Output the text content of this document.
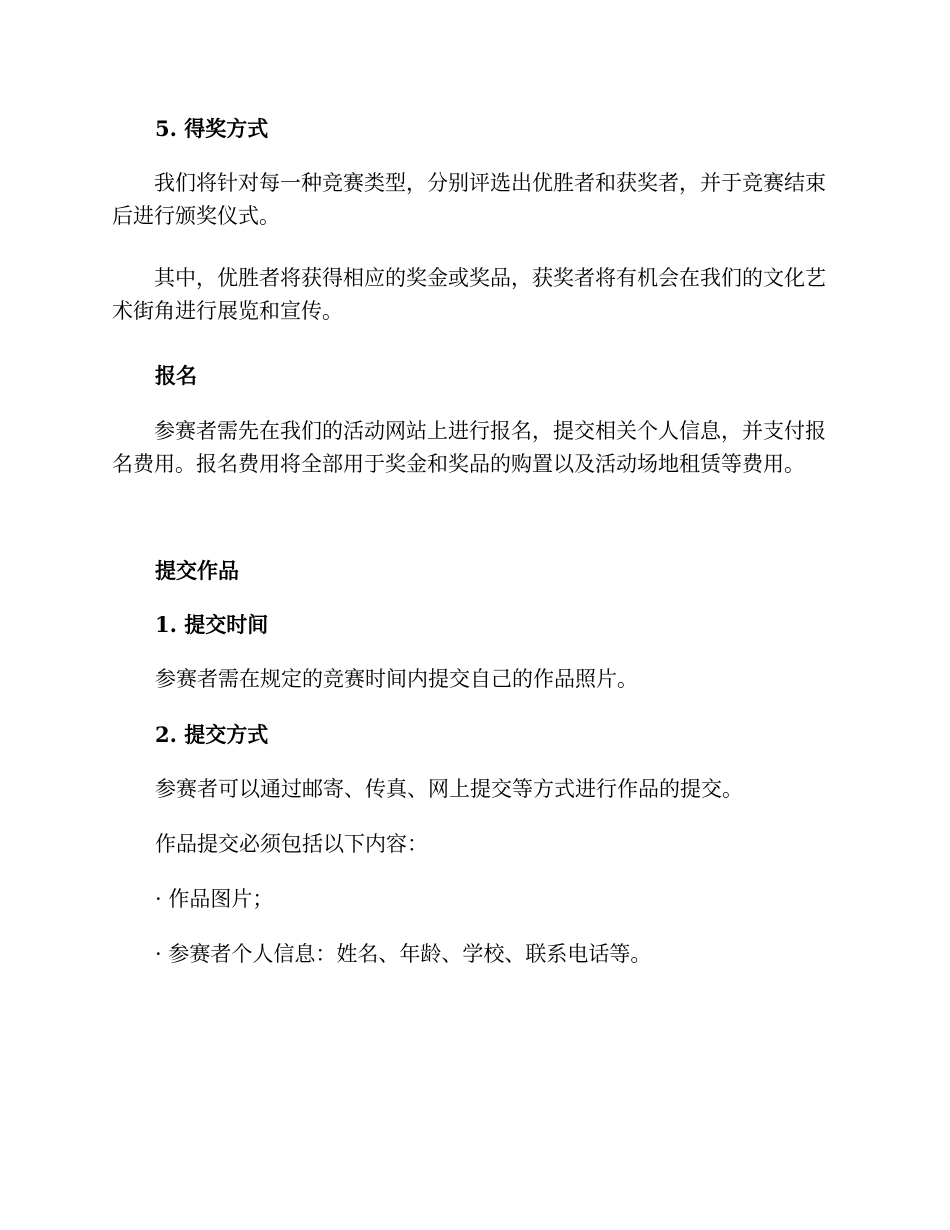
5. 得奖方式

我们将针对每一种竞赛类型，分别评选出优胜者和获奖者，并于竞赛结束后进行颁奖仪式。

其中，优胜者将获得相应的奖金或奖品，获奖者将有机会在我们的文化艺术街角进行展览和宣传。

报名

参赛者需先在我们的活动网站上进行报名，提交相关个人信息，并支付报名费用。报名费用将全部用于奖金和奖品的购置以及活动场地租赁等费用。

提交作品

1. 提交时间

参赛者需在规定的竞赛时间内提交自己的作品照片。

2. 提交方式

参赛者可以通过邮寄、传真、网上提交等方式进行作品的提交。

作品提交必须包括以下内容：

· 作品图片；

· 参赛者个人信息：姓名、年龄、学校、联系电话等。
